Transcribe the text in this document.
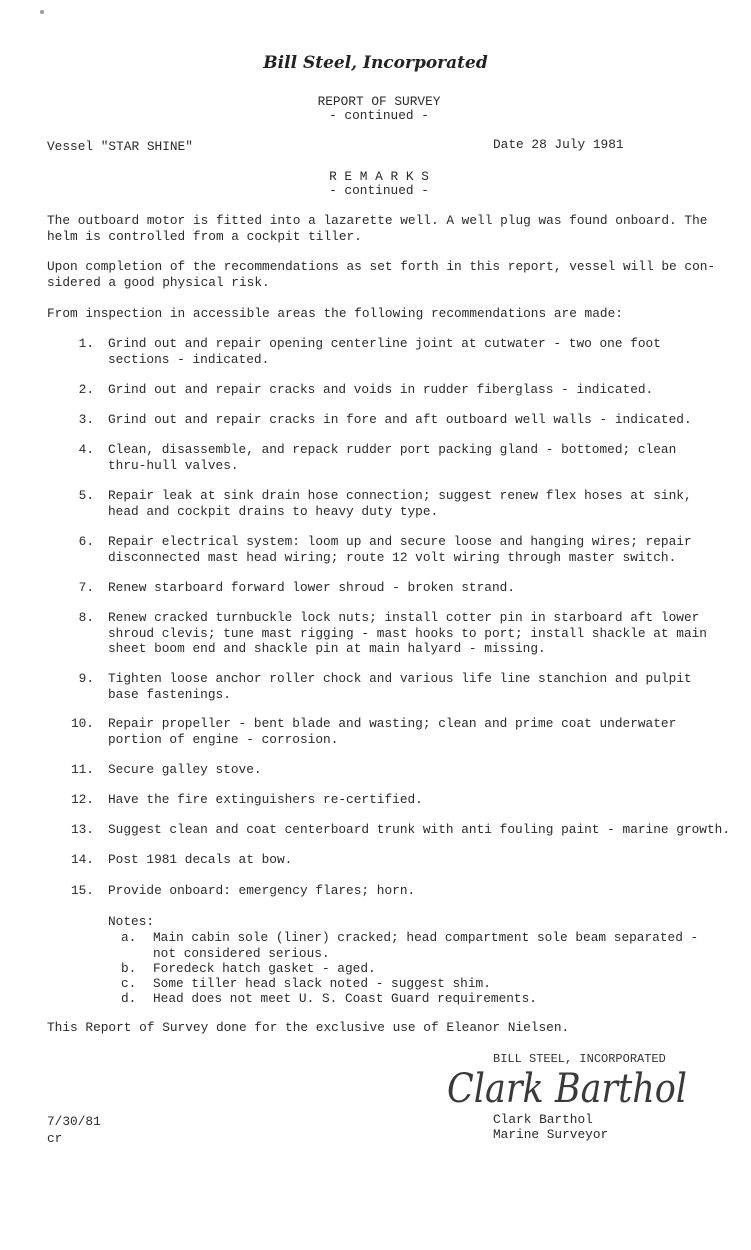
Bill Steel, Incorporated
REPORT OF SURVEY
- continued -
Vessel "STAR SHINE"	Date 28 July 1981
R E M A R K S
- continued -
The outboard motor is fitted into a lazarette well. A well plug was found onboard. The
helm is controlled from a cockpit tiller.
Upon completion of the recommendations as set forth in this report, vessel will be con-
sidered a good physical risk.
From inspection in accessible areas the following recommendations are made:
1. Grind out and repair opening centerline joint at cutwater - two one foot
sections - indicated.
2. Grind out and repair cracks and voids in rudder fiberglass - indicated.
3. Grind out and repair cracks in fore and aft outboard well walls - indicated.
4. Clean, disassemble, and repack rudder port packing gland - bottomed; clean
thru-hull valves.
5. Repair leak at sink drain hose connection; suggest renew flex hoses at sink,
head and cockpit drains to heavy duty type.
6. Repair electrical system: loom up and secure loose and hanging wires; repair
disconnected mast head wiring; route 12 volt wiring through master switch.
7. Renew starboard forward lower shroud - broken strand.
8. Renew cracked turnbuckle lock nuts; install cotter pin in starboard aft lower
shroud clevis; tune mast rigging - mast hooks to port; install shackle at main
sheet boom end and shackle pin at main halyard - missing.
9. Tighten loose anchor roller chock and various life line stanchion and pulpit
base fastenings.
10. Repair propeller - bent blade and wasting; clean and prime coat underwater
portion of engine - corrosion.
11. Secure galley stove.
12. Have the fire extinguishers re-certified.
13. Suggest clean and coat centerboard trunk with anti fouling paint - marine growth.
14. Post 1981 decals at bow.
15. Provide onboard: emergency flares; horn.
Notes:
a. Main cabin sole (liner) cracked; head compartment sole beam separated -
not considered serious.
b. Foredeck hatch gasket - aged.
c. Some tiller head slack noted - suggest shim.
d. Head does not meet U. S. Coast Guard requirements.
This Report of Survey done for the exclusive use of Eleanor Nielsen.
BILL STEEL, INCORPORATED
Clark Barthol
Clark Barthol
Marine Surveyor
7/30/81
cr
